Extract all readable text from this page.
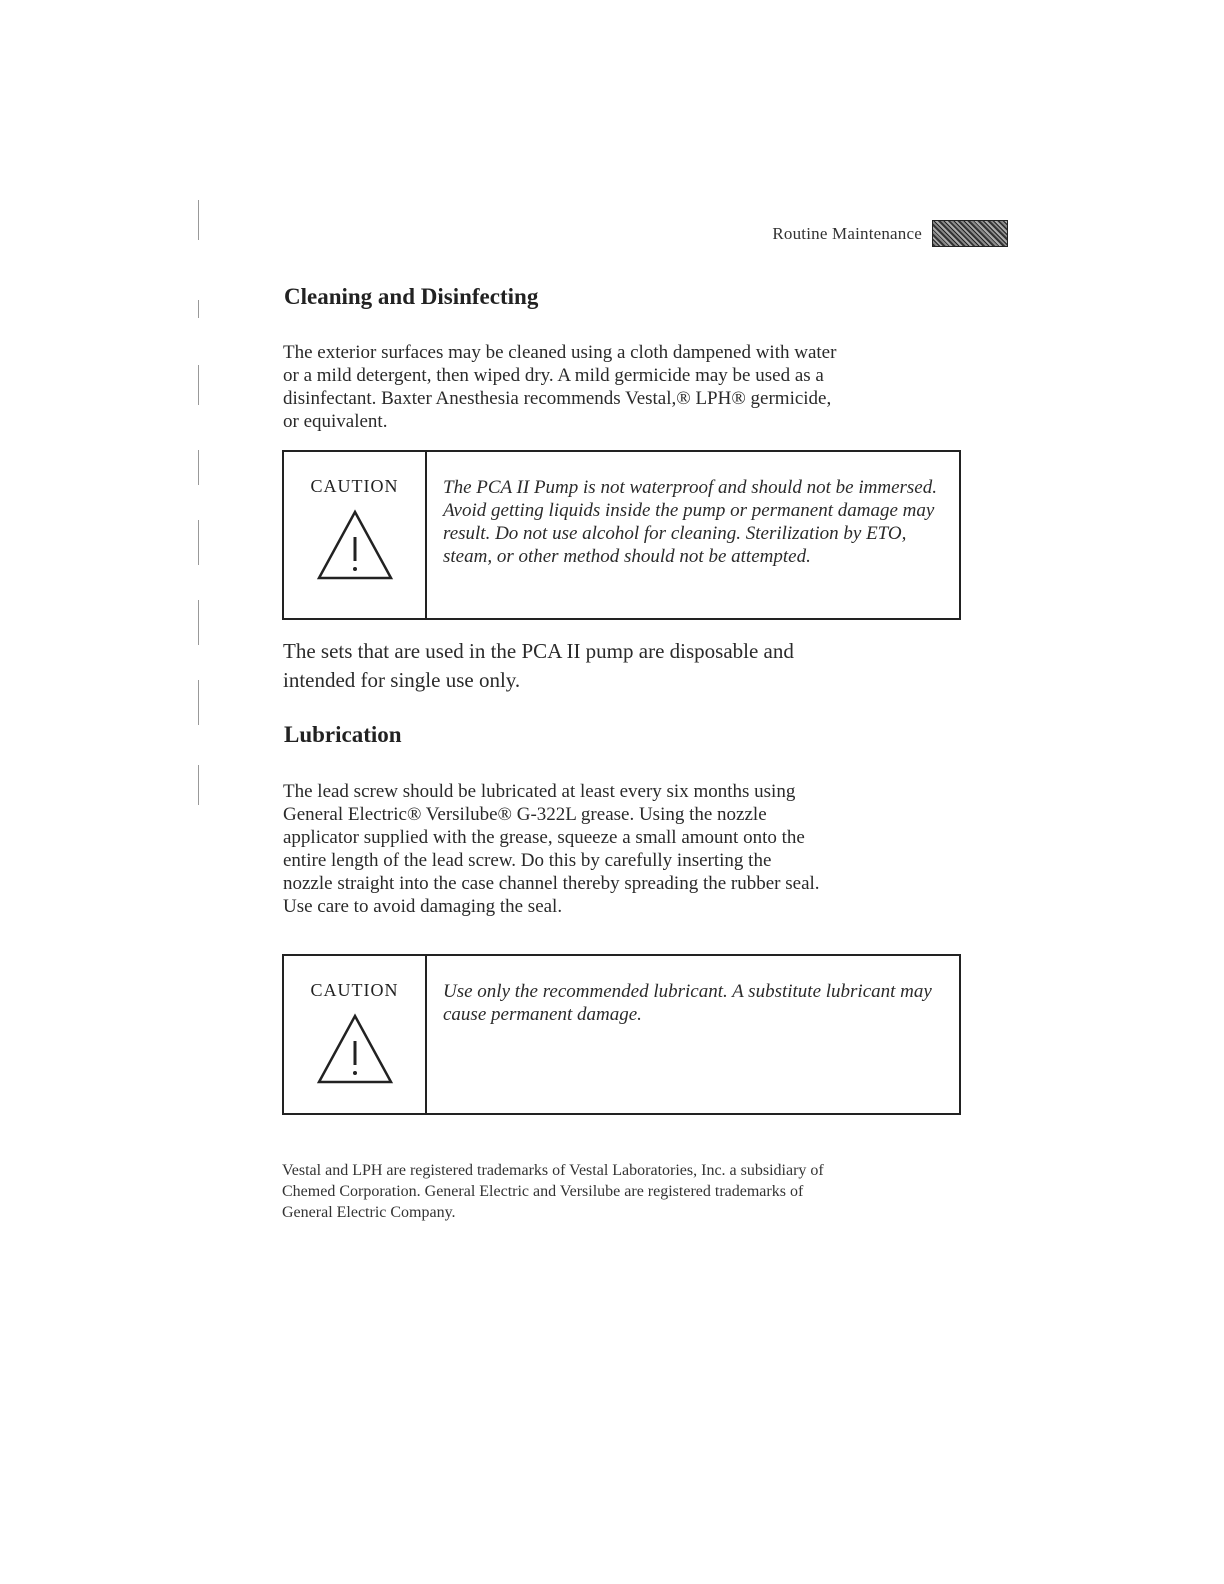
Routine Maintenance
Cleaning and Disinfecting

The exterior surfaces may be cleaned using a cloth dampened with water or a mild detergent, then wiped dry. A mild germicide may be used as a disinfectant. Baxter Anesthesia recommends Vestal,® LPH® germicide, or equivalent.

CAUTION	The PCA II Pump is not waterproof and should not be immersed. Avoid getting liquids inside the pump or permanent damage may result. Do not use alcohol for cleaning. Sterilization by ETO, steam, or other method should not be attempted.

The sets that are used in the PCA II pump are disposable and intended for single use only.

Lubrication

The lead screw should be lubricated at least every six months using General Electric® Versilube® G-322L grease. Using the nozzle applicator supplied with the grease, squeeze a small amount onto the entire length of the lead screw. Do this by carefully inserting the nozzle straight into the case channel thereby spreading the rubber seal. Use care to avoid damaging the seal.

CAUTION	Use only the recommended lubricant. A substitute lubricant may cause permanent damage.

Vestal and LPH are registered trademarks of Vestal Laboratories, Inc. a subsidiary of Chemed Corporation. General Electric and Versilube are registered trademarks of General Electric Company.
